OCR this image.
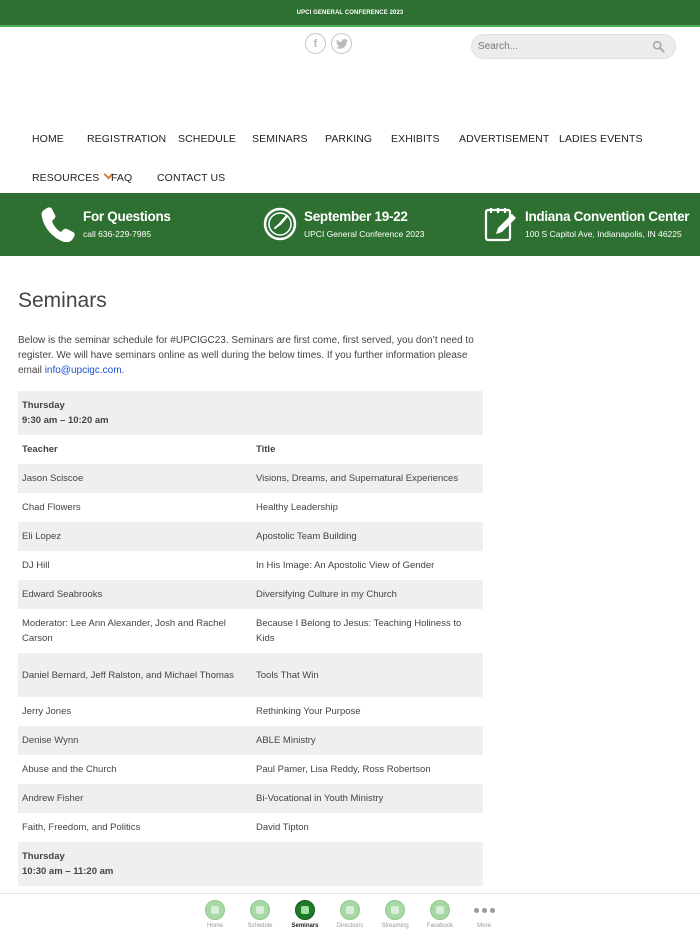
UPCI GENERAL CONFERENCE 2023
f
Search...
HOME REGISTRATION SCHEDULE SEMINARS PARKING EXHIBITS ADVERTISEMENT LADIES EVENTS
RESOURCES	FAQ CONTACT US
For Questions
call 636-229-7985
September 19-22
UPCI General Conference 2023
Indiana Convention Center
100 S Capitol Ave, Indianapolis, IN 46225
Seminars

Below is the seminar schedule for #UPCIGC23. Seminars are first come, first served, you don’t need to register. We will have seminars online as well during the below times. If you further information please email info@upcigc.com.

Thursday
9:30 am – 10:20 am	

Teacher	Title
Jason Sciscoe	Visions, Dreams, and Supernatural Experiences
Chad Flowers	Healthy Leadership
Eli Lopez	Apostolic Team Building
DJ Hill	In His Image: An Apostolic View of Gender
Edward Seabrooks	Diversifying Culture in my Church
Moderator: Lee Ann Alexander, Josh and Rachel Carson	Because I Belong to Jesus: Teaching Holiness to Kids
Daniel Bernard, Jeff Ralston, and Michael Thomas	Tools That Win
Jerry Jones	Rethinking Your Purpose
Denise Wynn	ABLE Ministry
Abuse and the Church	Paul Pamer, Lisa Reddy, Ross Robertson
Andrew Fisher	Bi-Vocational in Youth Ministry
Faith, Freedom, and Politics	David Tipton

Thursday
10:30 am – 11:20 am	

Home	Schedule	Seminars	Directions	Streaming	Facebook	More
